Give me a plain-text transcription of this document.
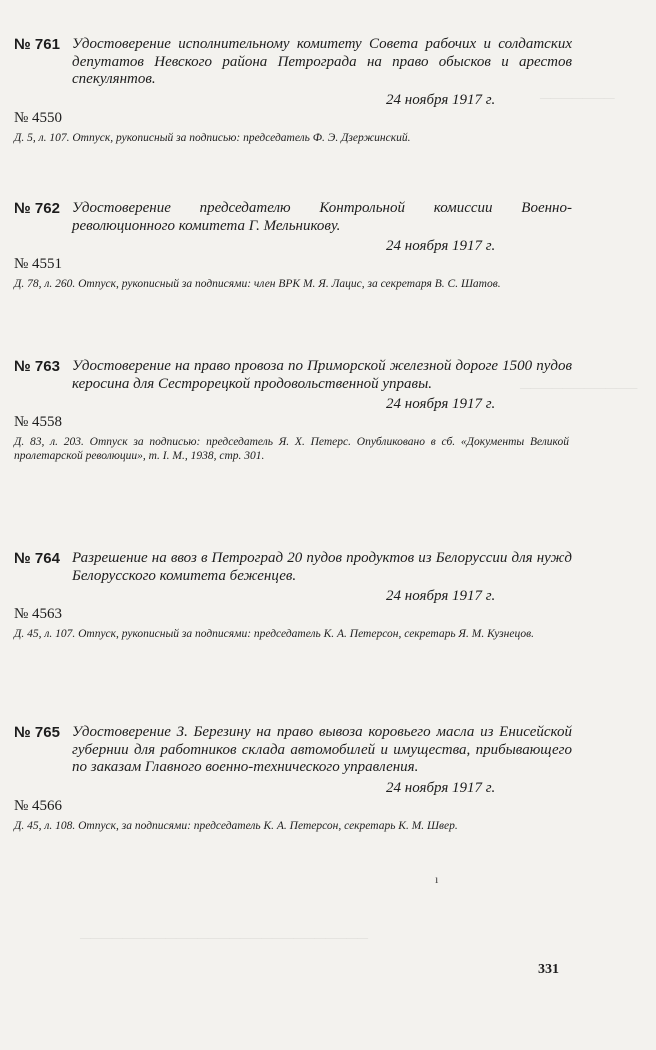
———————
———————————
———————————————————————————
№ 761 Удостоверение исполнительному комитету Совета рабочих и солдатских депутатов Невского района Петрограда на право обысков и арестов спекулянтов.
24 ноября 1917 г.
№ 4550
Д. 5, л. 107. Отпуск, рукописный за подписью: председатель Ф. Э. Дзержинский.
№ 762 Удостоверение председателю Контрольной комиссии Военно-революционного комитета Г. Мельникову.
24 ноября 1917 г.
№ 4551
Д. 78, л. 260. Отпуск, рукописный за подписями: член ВРК М. Я. Лацис, за секретаря В. С. Шатов.
№ 763 Удостоверение на право провоза по Приморской железной дороге 1500 пудов керосина для Сестрорецкой продовольственной управы.
24 ноября 1917 г.
№ 4558
Д. 83, л. 203. Отпуск за подписью: председатель Я. Х. Петерс. Опубликовано в сб. «Документы Великой пролетарской революции», т. I. М., 1938, стр. 301.
№ 764 Разрешение на ввоз в Петроград 20 пудов продуктов из Белоруссии для нужд Белорусского комитета беженцев.
24 ноября 1917 г.
№ 4563
Д. 45, л. 107. Отпуск, рукописный за подписями: председатель К. А. Петерсон, секретарь Я. М. Кузнецов.
№ 765 Удостоверение З. Березину на право вывоза коровьего масла из Енисейской губернии для работников склада автомобилей и имущества, прибывающего по заказам Главного военно-технического управления.
24 ноября 1917 г.
№ 4566
Д. 45, л. 108. Отпуск, за подписями: председатель К. А. Петерсон, секретарь К. М. Швер.
ı
331
